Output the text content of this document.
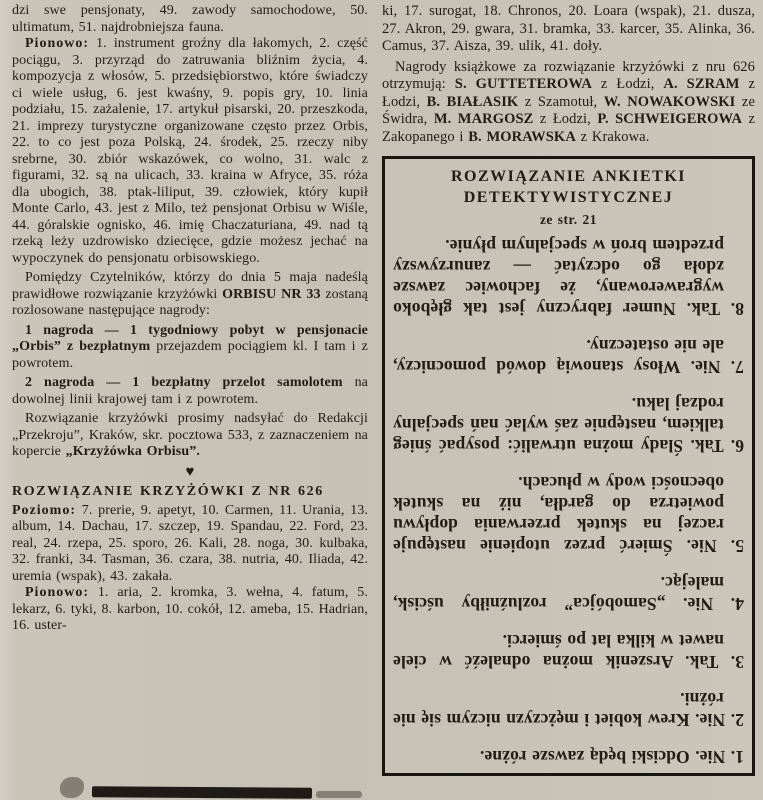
dzi swe pensjonaty, 49. zawody samochodowe, 50. ultimatum, 51. najdrobniejsza fauna.

Pionowo: 1. instrument groźny dla łakomych, 2. część pociągu, 3. przyrząd do zatruwania bliźnim życia, 4. kompozycja z włosów, 5. przedsiębiorstwo, które świadczy ci wiele usług, 6. jest kwaśny, 9. popis gry, 10. linia podziału, 15. zażalenie, 17. artykuł pisarski, 20. przeszkoda, 21. imprezy turystyczne organizowane często przez Orbis, 22. to co jest poza Polską, 24. środek, 25. rzeczy niby srebrne, 30. zbiór wskazówek, co wolno, 31. walc z figurami, 32. są na ulicach, 33. kraina w Afryce, 35. róża dla ubogich, 38. ptak-liliput, 39. człowiek, który kupił Monte Carlo, 43. jest z Milo, też pensjonat Orbisu w Wiśle, 44. góralskie ognisko, 46. imię Chaczaturiana, 49. nad tą rzeką leży uzdrowisko dziecięce, gdzie możesz jechać na wypoczynek do pensjonatu orbisowskiego.

Pomiędzy Czytelników, którzy do dnia 5 maja nadeślą prawidłowe rozwiązanie krzyżówki ORBISU NR 33 zostaną rozlosowane następujące nagrody:

1 nagroda — 1 tygodniowy pobyt w pensjonacie „Orbis” z bezpłatnym przejazdem pociągiem kl. I tam i z powrotem.

2 nagroda — 1 bezpłatny przelot samolotem na dowolnej linii krajowej tam i z powrotem.

Rozwiązanie krzyżówki prosimy nadsyłać do Redakcji „Przekroju”, Kraków, skr. pocztowa 533, z zaznaczeniem na kopercie „Krzyżówka Orbisu”.

♥
ROZWIĄZANIE KRZYŻÓWKI Z NR 626

Poziomo: 7. prerie, 9. apetyt, 10. Carmen, 11. Urania, 13. album, 14. Dachau, 17. szczep, 19. Spandau, 22. Ford, 23. real, 24. rzepa, 25. sporo, 26. Kali, 28. noga, 30. kulbaka, 32. franki, 34. Tasman, 36. czara, 38. nutria, 40. Iliada, 42. uremia (wspak), 43. zakała.

Pionowo: 1. aria, 2. kromka, 3. wełna, 4. fatum, 5. lekarz, 6. tyki, 8. karbon, 10. cokół, 12. ameba, 15. Hadrian, 16. uster-

ki, 17. surogat, 18. Chronos, 20. Loara (wspak), 21. dusza, 27. Akron, 29. gwara, 31. bramka, 33. karcer, 35. Alinka, 36. Camus, 37. Aisza, 39. ulik, 41. doły.

Nagrody książkowe za rozwiązanie krzyżówki z nru 626 otrzymują: S. GUTTETEROWA z Łodzi, A. SZRAM z Łodzi, B. BIAŁASIK z Szamotuł, W. NOWAKOWSKI ze Świdra, M. MARGOSZ z Łodzi, P. SCHWEIGEROWA z Zakopanego i B. MORAWSKA z Krakowa.

ROZWIĄZANIE ANKIETKI
DETEKTYWISTYCZNEJ
ze str. 21

1. Nie. Odciski będą zawsze różne.

2. Nie. Krew kobiet i mężczyzn niczym się nie różni.

3. Tak. Arszenik można odnaleźć w ciele nawet w kilka lat po śmierci.

4. Nie. „Samobójca” rozluźniłby uścisk, malejąc.

5. Nie. Śmierć przez utopienie następuje raczej na skutek przerwania dopływu powietrza do gardła, niż na skutek obecności wody w płucach.

6. Tak. Ślady można utrwalić: posypać śnieg talkiem, następnie zaś wylać nań specjalny rodzaj laku.

7. Nie. Włosy stanowią dowód pomocniczy, ale nie ostateczny.

8. Tak. Numer fabryczny jest tak głęboko wygrawerowany, że fachowiec zawsze zdoła go odczytać — zanurzywszy przedtem broń w specjalnym płynie.
